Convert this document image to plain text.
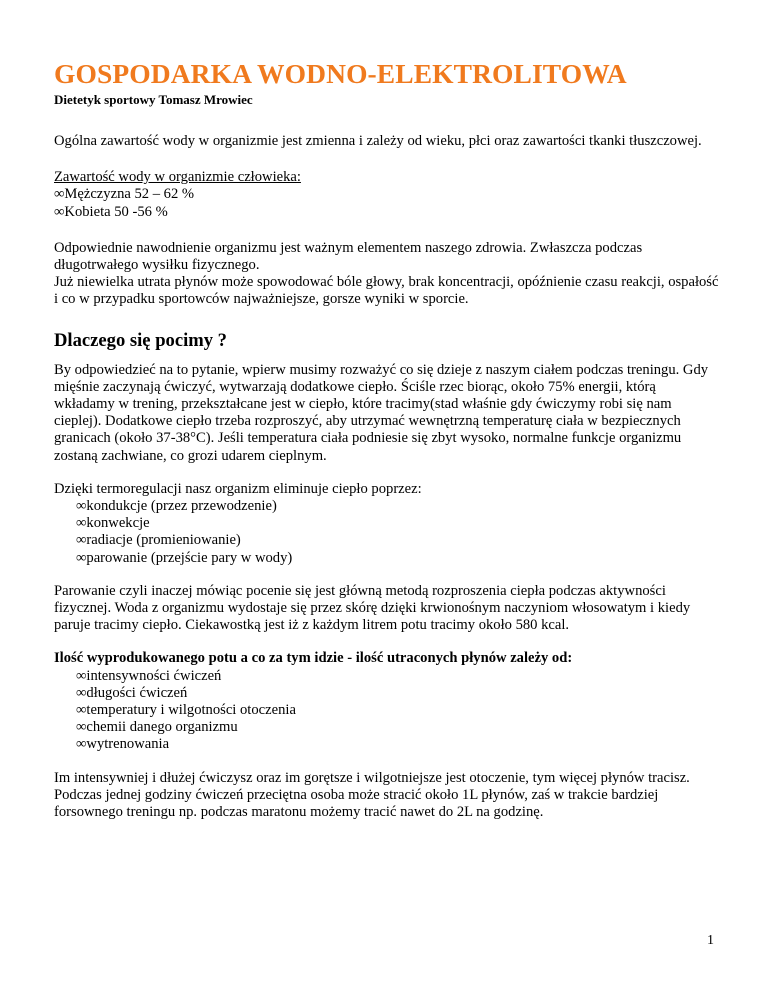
GOSPODARKA WODNO-ELEKTROLITOWA
Dietetyk sportowy Tomasz Mrowiec

Ogólna zawartość wody w organizmie jest zmienna i zależy od wieku, płci oraz zawartości tkanki tłuszczowej.

Zawartość wody w organizmie człowieka:

∞Mężczyzna 52 – 62 %
∞Kobieta 50 -56 %

Odpowiednie nawodnienie organizmu jest ważnym elementem naszego zdrowia. Zwłaszcza podczas długotrwałego wysiłku fizycznego.

Już niewielka utrata płynów może spowodować bóle głowy, brak koncentracji, opóźnienie czasu reakcji, ospałość i co w przypadku sportowców najważniejsze, gorsze wyniki w sporcie.

Dlaczego się pocimy ?

By odpowiedzieć na to pytanie, wpierw musimy rozważyć co się dzieje z naszym ciałem podczas treningu. Gdy mięśnie zaczynają ćwiczyć, wytwarzają dodatkowe ciepło. Ściśle rzec biorąc, około 75% energii, którą wkładamy w trening, przekształcane jest w ciepło, które tracimy(stad właśnie gdy ćwiczymy robi się nam cieplej). Dodatkowe ciepło trzeba rozproszyć, aby utrzymać wewnętrzną temperaturę ciała w bezpiecznych granicach (około 37-38°C). Jeśli temperatura ciała podniesie się zbyt wysoko, normalne funkcje organizmu zostaną zachwiane, co grozi udarem cieplnym.

Dzięki termoregulacji nasz organizm eliminuje ciepło poprzez:

∞kondukcje (przez przewodzenie)
∞konwekcje
∞radiacje (promieniowanie)
∞parowanie (przejście pary w wody)

Parowanie czyli inaczej mówiąc pocenie się jest główną metodą rozproszenia ciepła podczas aktywności fizycznej. Woda z organizmu wydostaje się przez skórę dzięki krwionośnym naczyniom włosowatym i kiedy paruje tracimy ciepło. Ciekawostką jest iż z każdym litrem potu tracimy około 580 kcal.

Ilość wyprodukowanego potu a co za tym idzie - ilość utraconych płynów zależy od:

∞intensywności ćwiczeń
∞długości ćwiczeń
∞temperatury i wilgotności otoczenia
∞chemii danego organizmu
∞wytrenowania

Im intensywniej i dłużej ćwiczysz oraz im gorętsze i wilgotniejsze jest otoczenie, tym więcej płynów tracisz. Podczas jednej godziny ćwiczeń przeciętna osoba może stracić około 1L płynów, zaś w trakcie bardziej forsownego treningu np. podczas maratonu możemy tracić nawet do 2L na godzinę.

1
